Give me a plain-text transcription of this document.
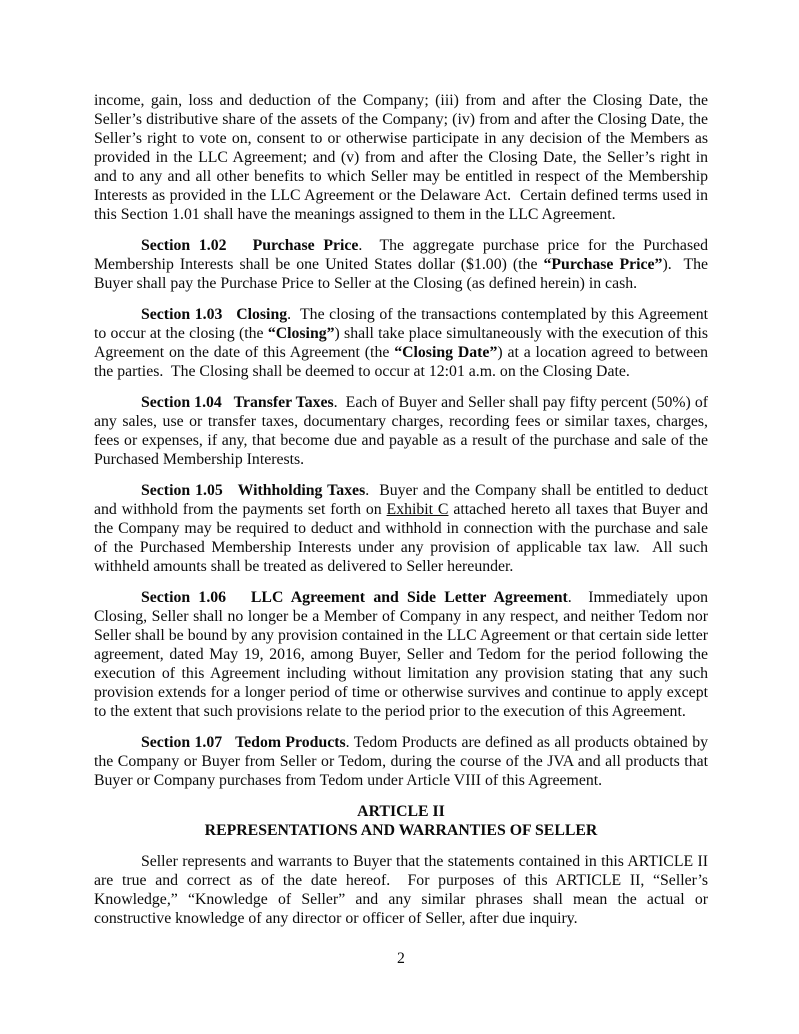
income, gain, loss and deduction of the Company; (iii) from and after the Closing Date, the Seller’s distributive share of the assets of the Company; (iv) from and after the Closing Date, the Seller’s right to vote on, consent to or otherwise participate in any decision of the Members as provided in the LLC Agreement; and (v) from and after the Closing Date, the Seller’s right in and to any and all other benefits to which Seller may be entitled in respect of the Membership Interests as provided in the LLC Agreement or the Delaware Act.  Certain defined terms used in this Section 1.01 shall have the meanings assigned to them in the LLC Agreement.

Section 1.02   Purchase Price.  The aggregate purchase price for the Purchased Membership Interests shall be one United States dollar ($1.00) (the “Purchase Price”).  The Buyer shall pay the Purchase Price to Seller at the Closing (as defined herein) in cash.

Section 1.03   Closing.  The closing of the transactions contemplated by this Agreement to occur at the closing (the “Closing”) shall take place simultaneously with the execution of this Agreement on the date of this Agreement (the “Closing Date”) at a location agreed to between the parties.  The Closing shall be deemed to occur at 12:01 a.m. on the Closing Date.

Section 1.04   Transfer Taxes.  Each of Buyer and Seller shall pay fifty percent (50%) of any sales, use or transfer taxes, documentary charges, recording fees or similar taxes, charges, fees or expenses, if any, that become due and payable as a result of the purchase and sale of the Purchased Membership Interests.

Section 1.05   Withholding Taxes.  Buyer and the Company shall be entitled to deduct and withhold from the payments set forth on Exhibit C attached hereto all taxes that Buyer and the Company may be required to deduct and withhold in connection with the purchase and sale of the Purchased Membership Interests under any provision of applicable tax law.  All such withheld amounts shall be treated as delivered to Seller hereunder.

Section 1.06   LLC Agreement and Side Letter Agreement.  Immediately upon Closing, Seller shall no longer be a Member of Company in any respect, and neither Tedom nor Seller shall be bound by any provision contained in the LLC Agreement or that certain side letter agreement, dated May 19, 2016, among Buyer, Seller and Tedom for the period following the execution of this Agreement including without limitation any provision stating that any such provision extends for a longer period of time or otherwise survives and continue to apply except to the extent that such provisions relate to the period prior to the execution of this Agreement.

Section 1.07   Tedom Products. Tedom Products are defined as all products obtained by the Company or Buyer from Seller or Tedom, during the course of the JVA and all products that Buyer or Company purchases from Tedom under Article VIII of this Agreement.

ARTICLE II
REPRESENTATIONS AND WARRANTIES OF SELLER

Seller represents and warrants to Buyer that the statements contained in this ARTICLE II are true and correct as of the date hereof.  For purposes of this ARTICLE II, “Seller’s Knowledge,” “Knowledge of Seller” and any similar phrases shall mean the actual or constructive knowledge of any director or officer of Seller, after due inquiry.

2
